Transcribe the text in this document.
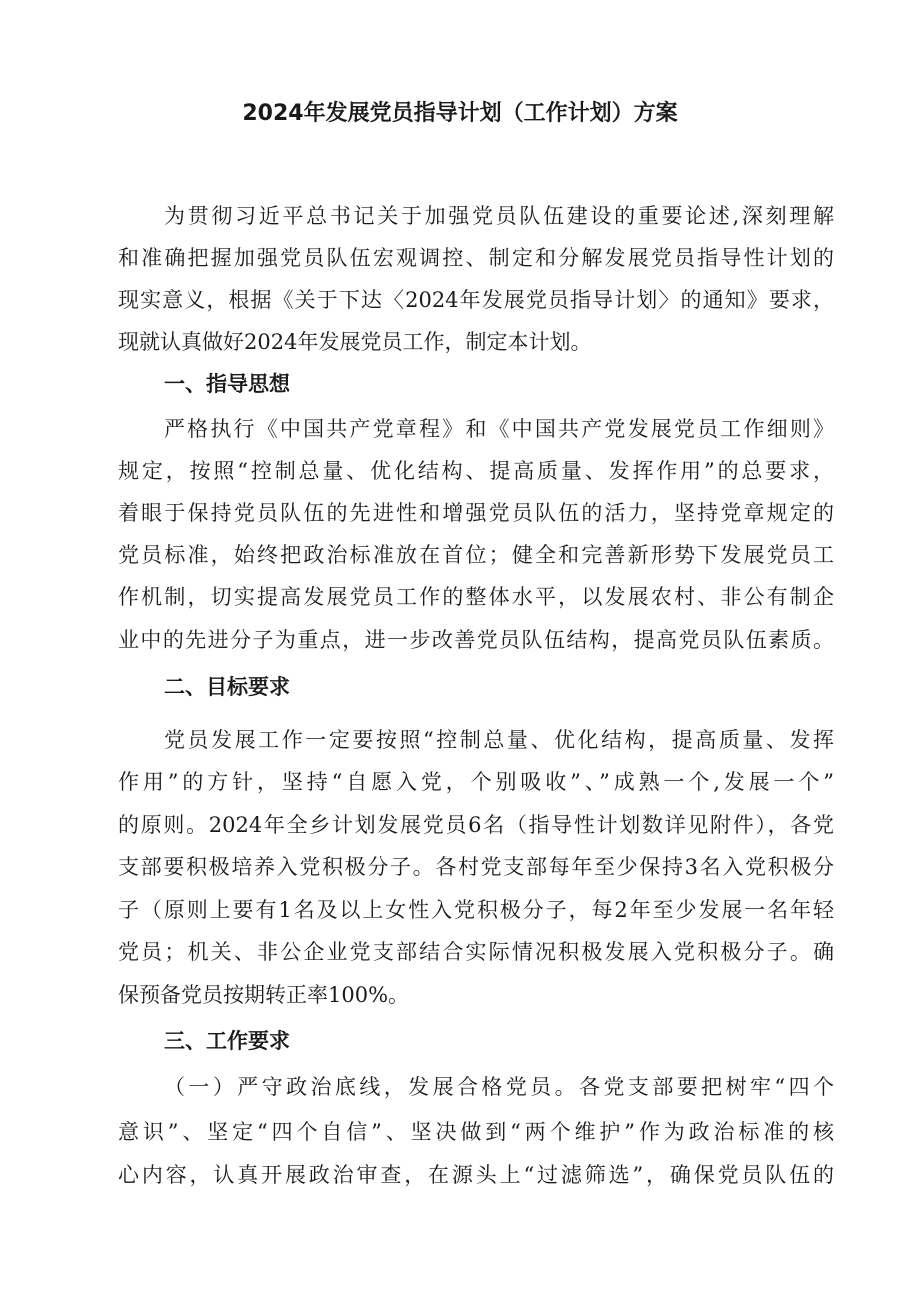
2024年发展党员指导计划（工作计划）方案
为贯彻习近平总书记关于加强党员队伍建设的重要论述,深刻理解
和准确把握加强党员队伍宏观调控、制定和分解发展党员指导性计划的
现实意义，根据《关于下达〈2024年发展党员指导计划〉的通知》要求，
现就认真做好2024年发展党员工作，制定本计划。
一、指导思想
严格执行《中国共产党章程》和《中国共产党发展党员工作细则》
规定，按照“控制总量、优化结构、提高质量、发挥作用”的总要求，
着眼于保持党员队伍的先进性和增强党员队伍的活力，坚持党章规定的
党员标准，始终把政治标准放在首位；健全和完善新形势下发展党员工
作机制，切实提高发展党员工作的整体水平，以发展农村、非公有制企
业中的先进分子为重点，进一步改善党员队伍结构，提高党员队伍素质。
二、目标要求
党员发展工作一定要按照“控制总量、优化结构，提高质量、发挥
作用”的方针，坚持“自愿入党，个别吸收”、”成熟一个,发展一个”
的原则。2024年全乡计划发展党员6名（指导性计划数详见附件），各党
支部要积极培养入党积极分子。各村党支部每年至少保持3名入党积极分
子（原则上要有1名及以上女性入党积极分子，每2年至少发展一名年轻
党员；机关、非公企业党支部结合实际情况积极发展入党积极分子。确
保预备党员按期转正率100%。
三、工作要求
（一）严守政治底线，发展合格党员。各党支部要把树牢“四个
意识”、坚定“四个自信”、坚决做到“两个维护”作为政治标准的核
心内容，认真开展政治审查，在源头上“过滤筛选”，确保党员队伍的
